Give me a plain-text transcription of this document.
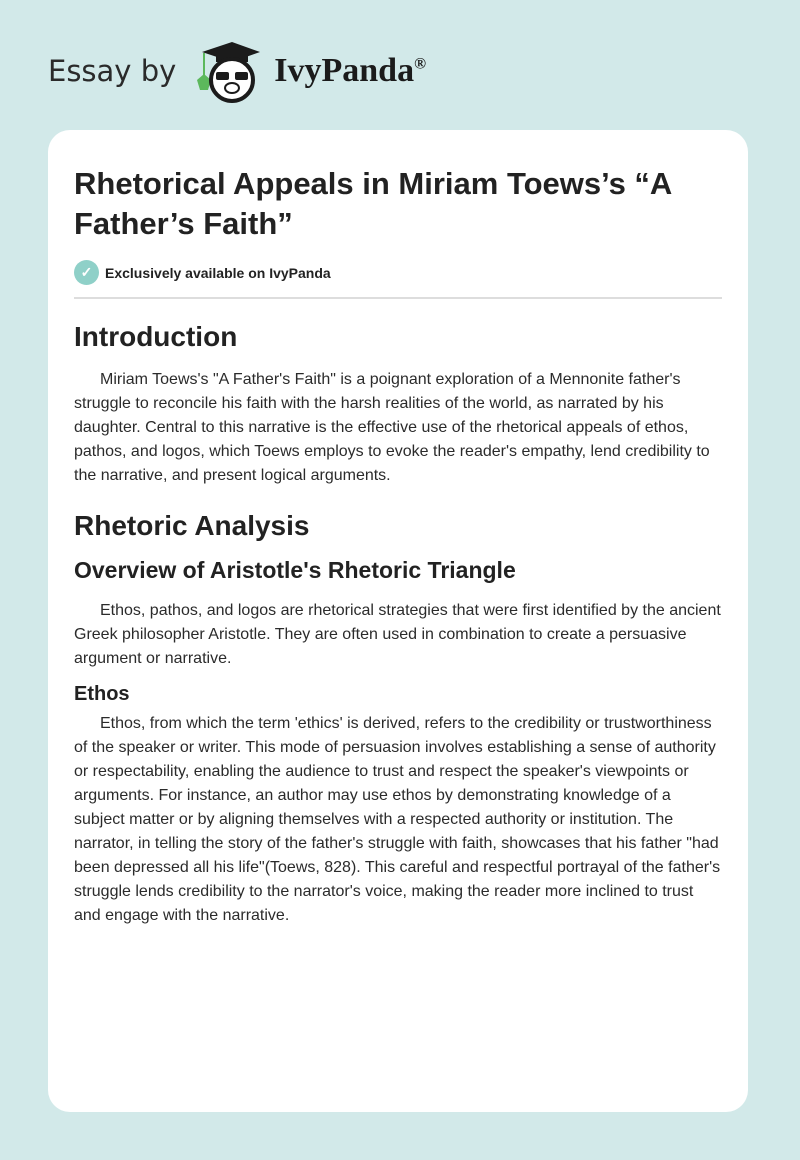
Essay by	IvyPanda®
Rhetorical Appeals in Miriam Toews’s “A Father’s Faith”
✓ Exclusively available on IvyPanda
Introduction

Miriam Toews's "A Father's Faith" is a poignant exploration of a Mennonite father's struggle to reconcile his faith with the harsh realities of the world, as narrated by his daughter. Central to this narrative is the effective use of the rhetorical appeals of ethos, pathos, and logos, which Toews employs to evoke the reader's empathy, lend credibility to the narrative, and present logical arguments.

Rhetoric Analysis
Overview of Aristotle's Rhetoric Triangle

Ethos, pathos, and logos are rhetorical strategies that were first identified by the ancient Greek philosopher Aristotle. They are often used in combination to create a persuasive argument or narrative.

Ethos

Ethos, from which the term 'ethics' is derived, refers to the credibility or trustworthiness of the speaker or writer. This mode of persuasion involves establishing a sense of authority or respectability, enabling the audience to trust and respect the speaker's viewpoints or arguments. For instance, an author may use ethos by demonstrating knowledge of a subject matter or by aligning themselves with a respected authority or institution. The narrator, in telling the story of the father's struggle with faith, showcases that his father "had been depressed all his life"(Toews, 828). This careful and respectful portrayal of the father's struggle lends credibility to the narrator's voice, making the reader more inclined to trust and engage with the narrative.
